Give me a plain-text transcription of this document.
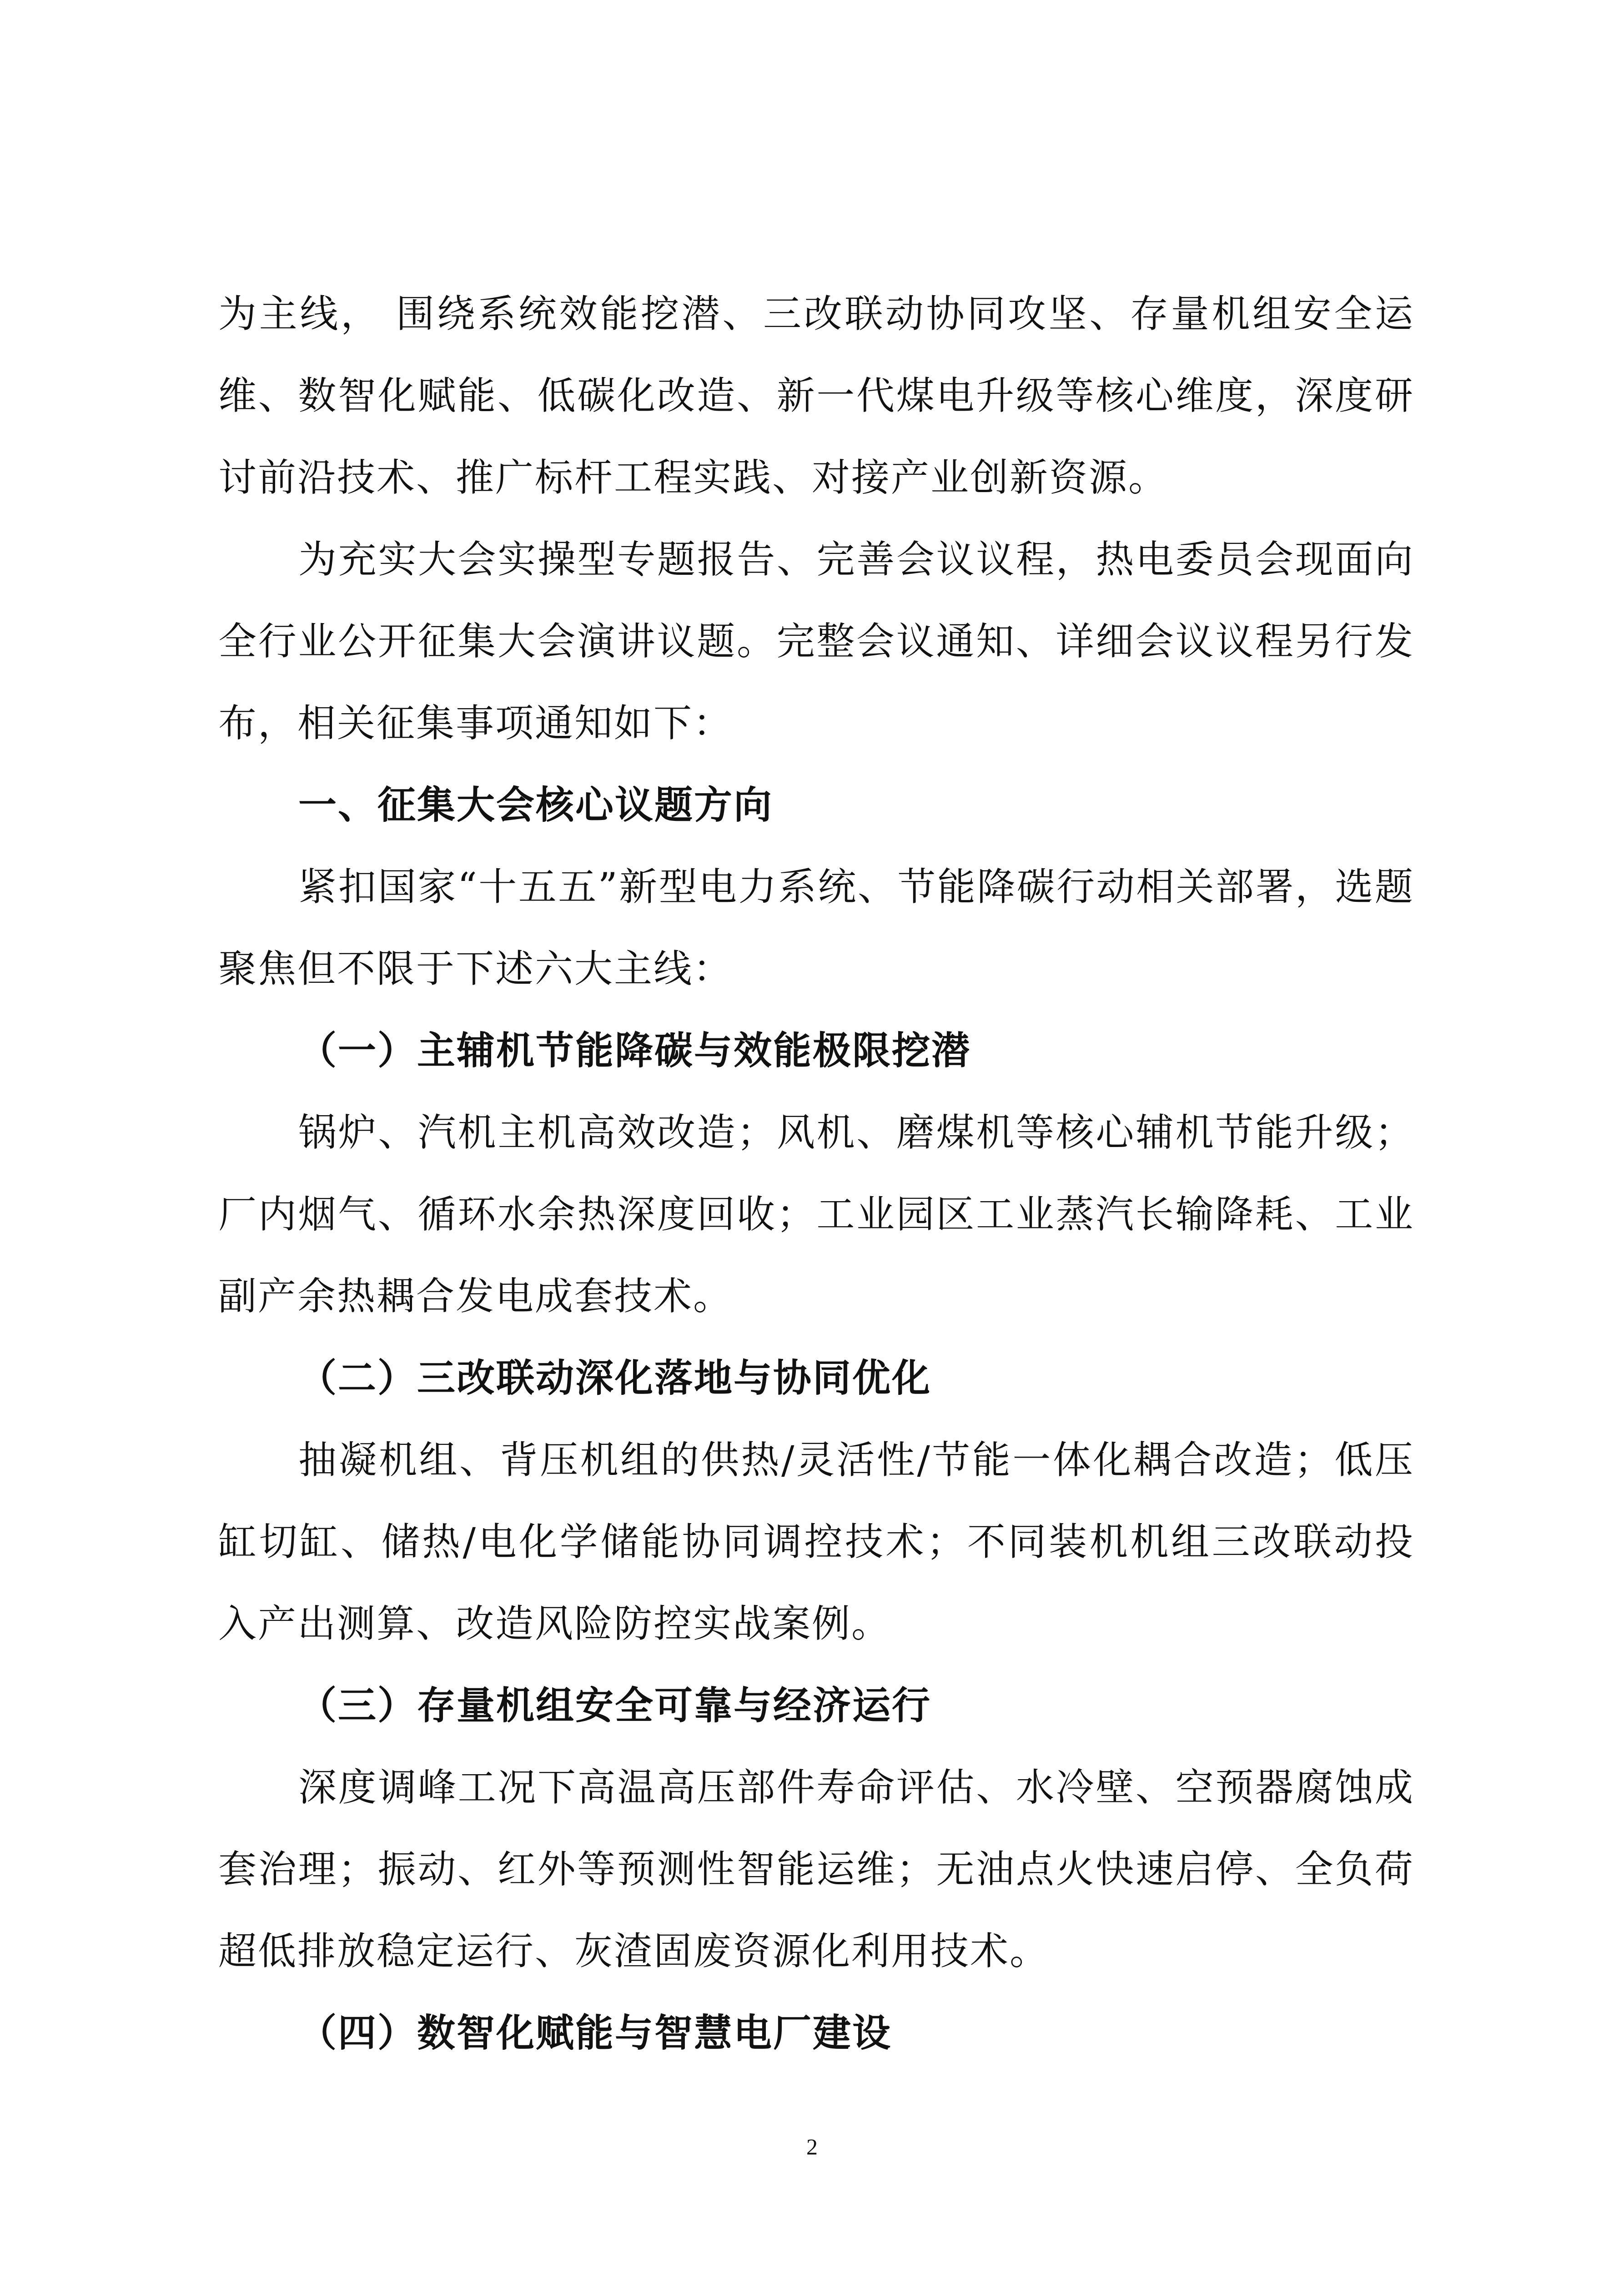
为主线， 围绕系统效能挖潜、三改联动协同攻坚、存量机组安全运维、数智化赋能、低碳化改造、新一代煤电升级等核心维度，深度研讨前沿技术、推广标杆工程实践、对接产业创新资源。

为充实大会实操型专题报告、完善会议议程，热电委员会现面向全行业公开征集大会演讲议题。完整会议通知、详细会议议程另行发布，相关征集事项通知如下：

一、征集大会核心议题方向

紧扣国家“十五五”新型电力系统、节能降碳行动相关部署，选题聚焦但不限于下述六大主线：

（一）主辅机节能降碳与效能极限挖潜

锅炉、汽机主机高效改造；风机、磨煤机等核心辅机节能升级；厂内烟气、循环水余热深度回收；工业园区工业蒸汽长输降耗、工业副产余热耦合发电成套技术。

（二）三改联动深化落地与协同优化

抽凝机组、背压机组的供热/灵活性/节能一体化耦合改造；低压缸切缸、储热/电化学储能协同调控技术；不同装机机组三改联动投入产出测算、改造风险防控实战案例。

（三）存量机组安全可靠与经济运行

深度调峰工况下高温高压部件寿命评估、水冷壁、空预器腐蚀成套治理；振动、红外等预测性智能运维；无油点火快速启停、全负荷超低排放稳定运行、灰渣固废资源化利用技术。

（四）数智化赋能与智慧电厂建设

2
